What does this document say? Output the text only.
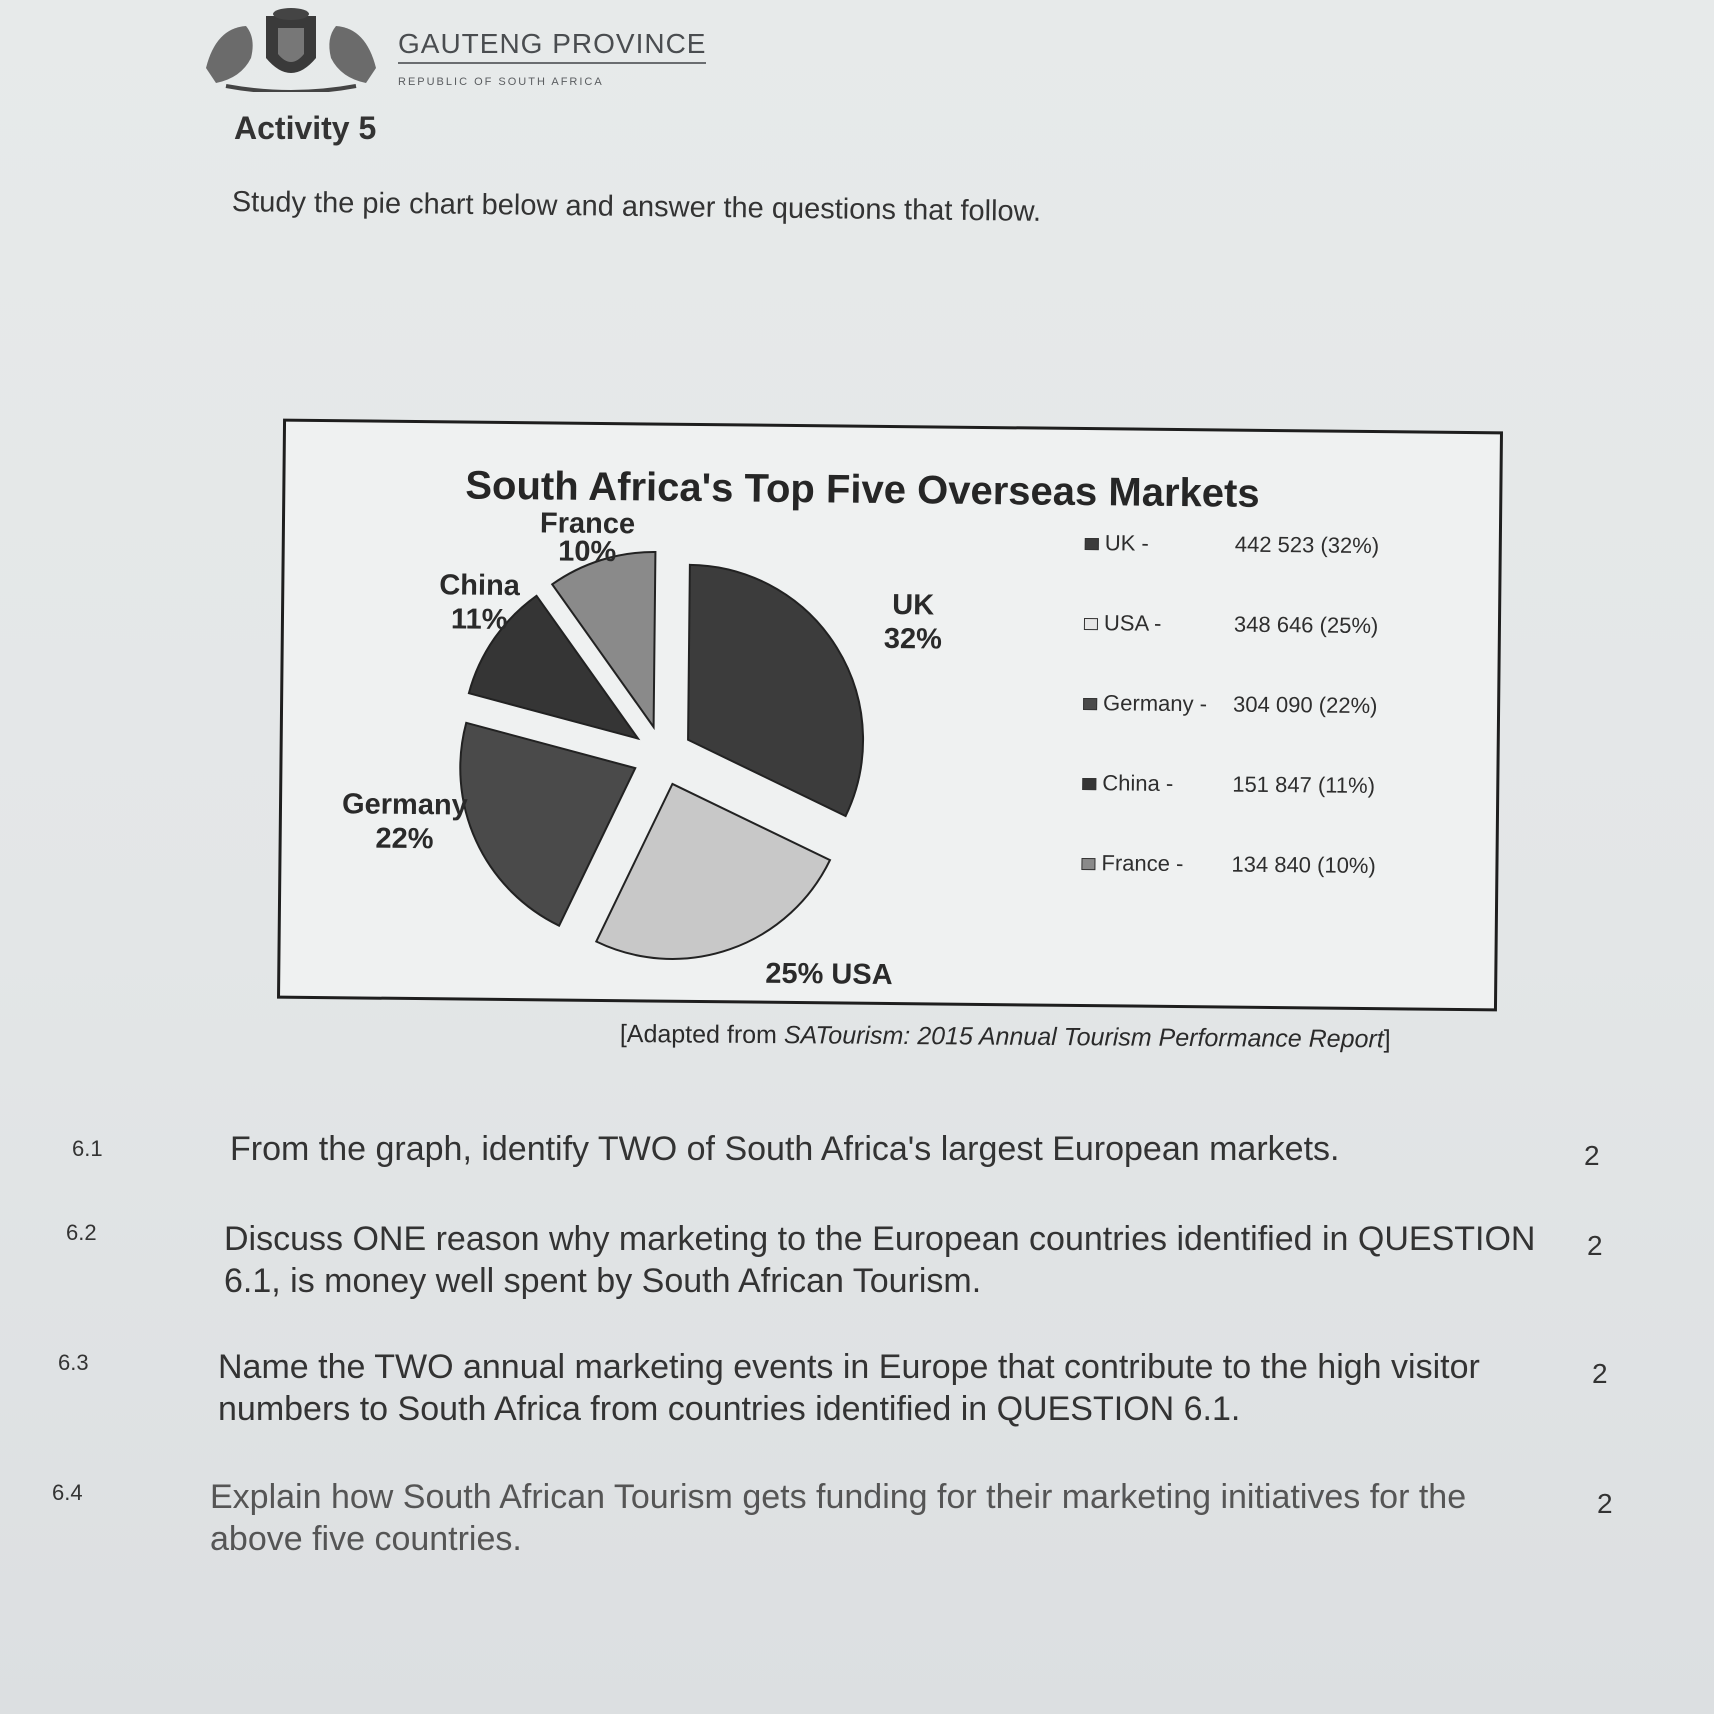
GAUTENG PROVINCE
REPUBLIC OF SOUTH AFRICA
Activity 5
Study the pie chart below and answer the questions that follow.
South Africa's Top Five Overseas Markets
UK
32%
25% USA
Germany
22%
China
11%
France
10%	UK -	442 523 (32%)
USA -	348 646 (25%)
Germany - 304 090 (22%)
China -	151 847 (11%)
France - 134 840 (10%)
[Adapted from SATourism: 2015 Annual Tourism Performance Report]
6.1	From the graph, identify TWO of South Africa's largest European markets.	2
6.2	Discuss ONE reason why marketing to the European countries identified in QUESTION 6.1, is money well spent by South African Tourism.
2
6.3	Name the TWO annual marketing events in Europe that contribute to the high visitor numbers to South Africa from countries identified in QUESTION 6.1.
2
6.4	Explain how South African Tourism gets funding for their marketing initiatives for the above five countries.
2
